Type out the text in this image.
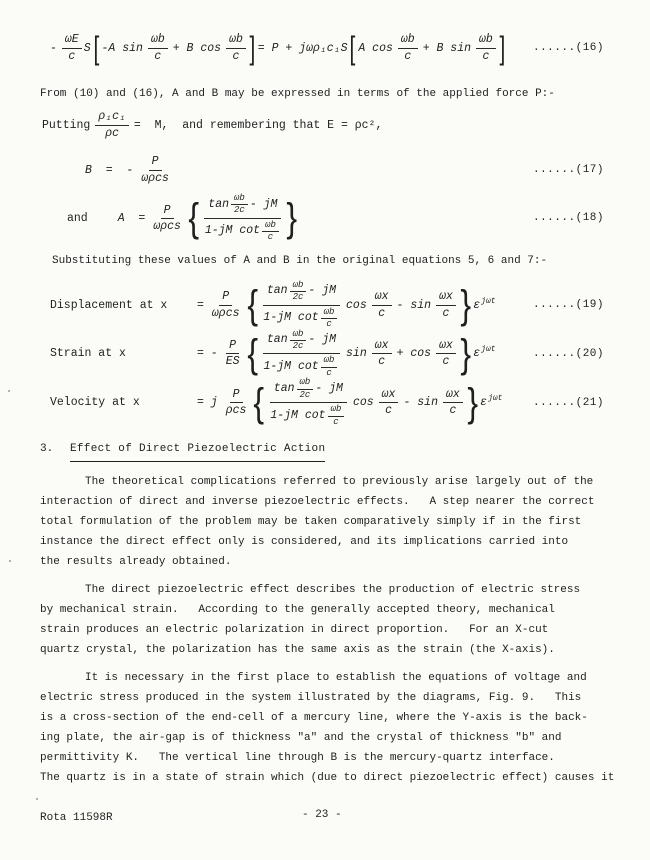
- $\frac{\omega E}{c}$ S [ -A $\sin \frac{\omega b}{c} + B$ $\cos \frac{\omega b}{c}$ ] = P + jωρ₁c₁S [ A $\cos \frac{\omega b}{c} + B$ $\sin \frac{\omega b}{c}$ ]	......(16)
From (10) and (16), A and B may be expressed in terms of the applied force P:-
Putting $\frac{\text{ρ₁c₁}}{\rho c} = M$,  and remembering that E = ρc²,
B  =  - $\frac{P}{\text{ωρcs}}$	......(17)
and	$A = \frac{P}{\text{ωρcs}}$ { $\tan \frac{\omega b}{2c}$ - jM
1-jM $\cot \frac{\omega b}{c}$ }	......(18)
Substituting these values of A and B in the original equations 5, 6 and 7:-
Displacement at x	= $\frac{P}{\text{ωρcs}}$ { $\tan \frac{\omega b}{2c}$ - jM
1-jM $\cot \frac{\omega b}{c}$
$\cos \frac{\omega x}{c}$ - $\sin \frac{\omega x}{c}$ } εjωt	......(19)
Strain at x	= - $\frac{P}{ES}$ { $\tan \frac{\omega b}{2c}$ - jM
1-jM $\cot \frac{\omega b}{c}$
$\sin \frac{\omega x}{c} + \cos \frac{\omega x}{c}$ } εjωt	......(20)
Velocity at x	= j $\frac{P}{\text{ρcs}}$ { $\tan \frac{\omega b}{2c}$ - jM
1-jM $\cot \frac{\omega b}{c}$
$\cos \frac{\omega x}{c}$ - $\sin \frac{\omega x}{c}$ } εjωt	......(21)
3.	Effect of Direct Piezoelectric Action
The theoretical complications referred to previously arise largely out of the
interaction of direct and inverse piezoelectric effects.   A step nearer the correct
total formulation of the problem may be taken comparatively simply if in the first
instance the direct effect only is considered, and its implications carried into
the results already obtained.
The direct piezoelectric effect describes the production of electric stress
by mechanical strain.   According to the generally accepted theory, mechanical
strain produces an electric polarization in direct proportion.   For an X-cut
quartz crystal, the polarization has the same axis as the strain (the X-axis).
It is necessary in the first place to establish the equations of voltage and
electric stress produced in the system illustrated by the diagrams, Fig. 9.   This
is a cross-section of the end-cell of a mercury line, where the Y-axis is the back-
ing plate, the air-gap is of thickness "a" and the crystal of thickness "b" and
permittivity K.   The vertical line through B is the mercury-quartz interface.
The quartz is in a state of strain which (due to direct piezoelectric effect) causes it
Rota 11598R	- 23 -
